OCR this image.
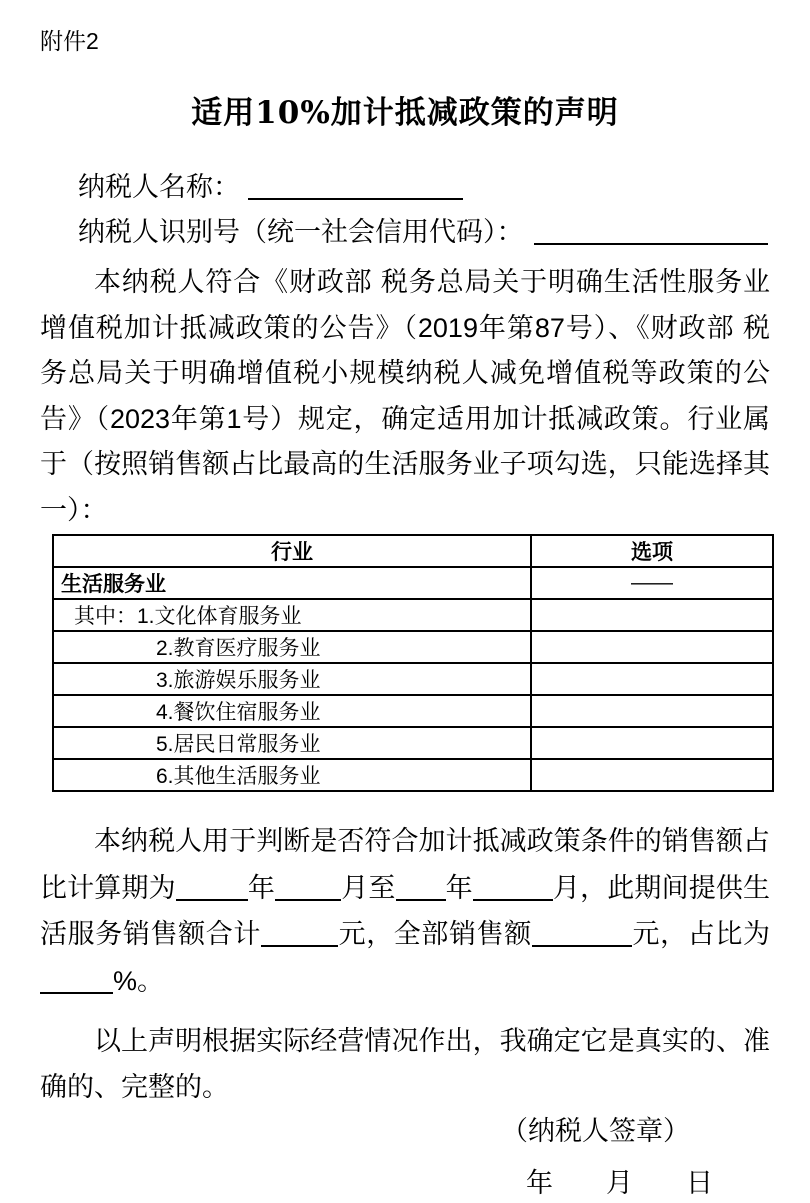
附件2
适用10%加计抵减政策的声明
纳税人名称：
纳税人识别号（统一社会信用代码）：

本纳税人符合《财政部 税务总局关于明确生活性服务业增值税加计抵减政策的公告》（2019年第87号）、《财政部 税务总局关于明确增值税小规模纳税人减免增值税等政策的公告》（2023年第1号）规定，确定适用加计抵减政策。行业属于（按照销售额占比最高的生活服务业子项勾选，只能选择其一）：

行业	选项
生活服务业	——
其中：1.文化体育服务业	
2.教育医疗服务业	
3.旅游娱乐服务业	
4.餐饮住宿服务业	
5.居民日常服务业	
6.其他生活服务业	

本纳税人用于判断是否符合加计抵减政策条件的销售额占比计算期为	年 月至 年	月，此期间提供生活服务销售额合计	元，全部销售额	元，占比为%。

以上声明根据实际经营情况作出，我确定它是真实的、准确的、完整的。

（纳税人签章）
年 月 日
